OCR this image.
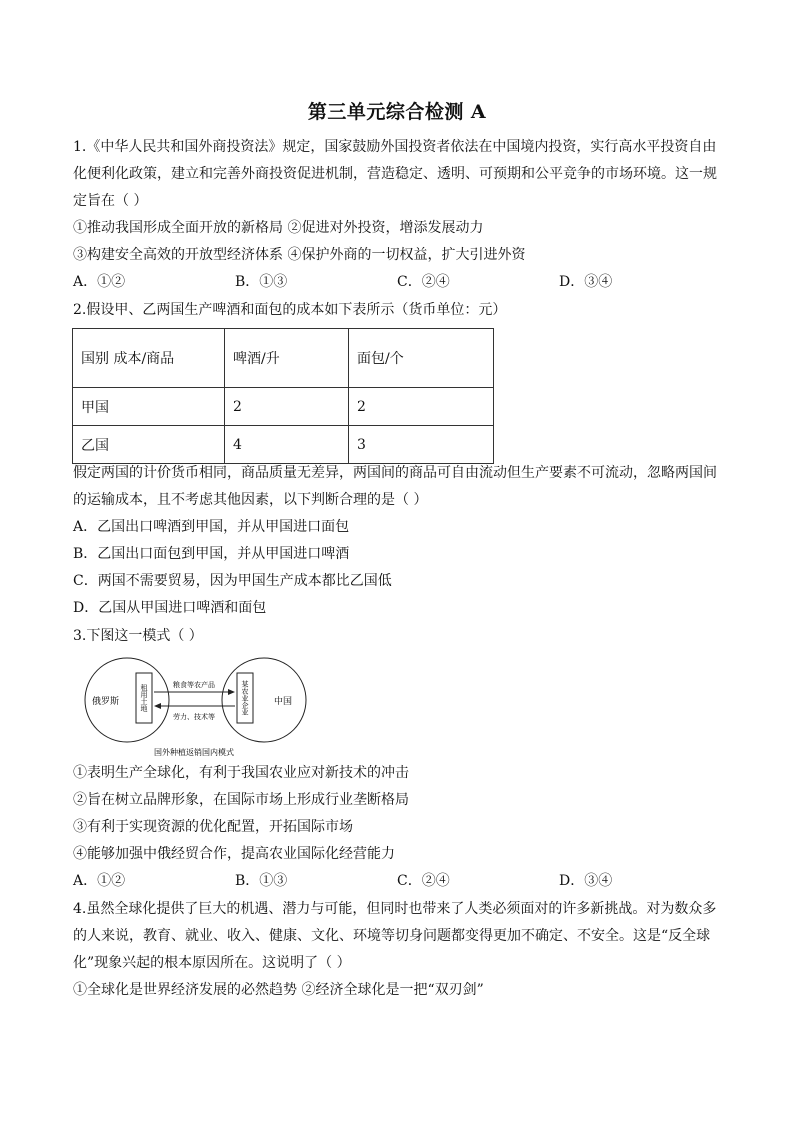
第三单元综合检测 A
1.《中华人民共和国外商投资法》规定，国家鼓励外国投资者依法在中国境内投资，实行高水平投资自由
化便利化政策，建立和完善外商投资促进机制，营造稳定、透明、可预期和公平竞争的市场环境。这一规
定旨在（ ）
①推动我国形成全面开放的新格局 ②促进对外投资，增添发展动力
③构建安全高效的开放型经济体系 ④保护外商的一切权益，扩大引进外资
A．①②	B．①③	C．②④	D．③④
2.假设甲、乙两国生产啤酒和面包的成本如下表所示（货币单位：元）
国别 成本/商品	啤酒/升	面包/个
甲国	2	2
乙国	4	3
假定两国的计价货币相同，商品质量无差异，两国间的商品可自由流动但生产要素不可流动，忽略两国间
的运输成本，且不考虑其他因素，以下判断合理的是（ ）
A．乙国出口啤酒到甲国，并从甲国进口面包
B．乙国出口面包到甲国，并从甲国进口啤酒
C．两国不需要贸易，因为甲国生产成本都比乙国低
D．乙国从甲国进口啤酒和面包
3.下图这一模式（ ）
俄罗斯	中国
租用土地	某农业企业
粮食等农产品
劳力、技术等
国外种植返销国内模式
①表明生产全球化，有利于我国农业应对新技术的冲击
②旨在树立品牌形象，在国际市场上形成行业垄断格局
③有利于实现资源的优化配置，开拓国际市场
④能够加强中俄经贸合作，提高农业国际化经营能力
A．①②	B．①③	C．②④	D．③④
4.虽然全球化提供了巨大的机遇、潜力与可能，但同时也带来了人类必须面对的许多新挑战。对为数众多
的人来说，教育、就业、收入、健康、文化、环境等切身问题都变得更加不确定、不安全。这是“反全球
化”现象兴起的根本原因所在。这说明了（ ）
①全球化是世界经济发展的必然趋势 ②经济全球化是一把“双刃剑”
